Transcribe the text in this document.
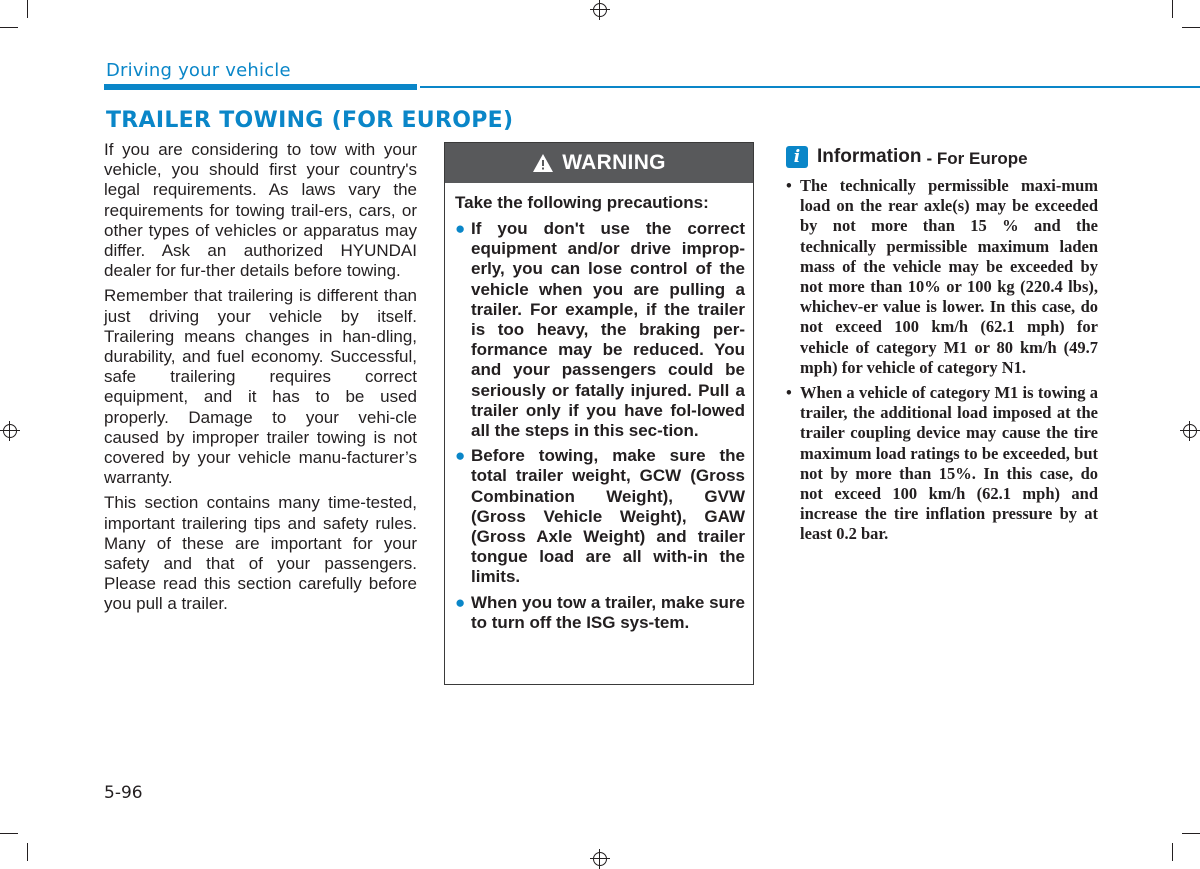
Driving your vehicle
TRAILER TOWING (FOR EUROPE)

If you are considering to tow with your vehicle, you should first your country's legal requirements. As laws vary the requirements for towing trail-ers, cars, or other types of vehicles or apparatus may differ. Ask an authorized HYUNDAI dealer for fur-ther details before towing.

Remember that trailering is different than just driving your vehicle by itself. Trailering means changes in han-dling, durability, and fuel economy. Successful, safe trailering requires correct equipment, and it has to be used properly. Damage to your vehi-cle caused by improper trailer towing is not covered by your vehicle manu-facturer’s warranty.

This section contains many time-tested, important trailering tips and safety rules. Many of these are important for your safety and that of your passengers. Please read this section carefully before you pull a trailer.

WARNING

Take the following precautions:

● If you don't use the correct equipment and/or drive improp-erly, you can lose control of the vehicle when you are pulling a trailer. For example, if the trailer is too heavy, the braking per-formance may be reduced. You and your passengers could be seriously or fatally injured. Pull a trailer only if you have fol-lowed all the steps in this sec-tion.
● Before towing, make sure the total trailer weight, GCW (Gross Combination Weight), GVW (Gross Vehicle Weight), GAW (Gross Axle Weight) and trailer tongue load are all with-in the limits.
● When you tow a trailer, make sure to turn off the ISG sys-tem.
i Information - For Europe
• The technically permissible maxi-mum load on the rear axle(s) may be exceeded by not more than 15 % and the technically permissible maximum laden mass of the vehicle may be exceeded by not more than 10% or 100 kg (220.4 lbs), whichev-er value is lower. In this case, do not exceed 100 km/h (62.1 mph) for vehicle of category M1 or 80 km/h (49.7 mph) for vehicle of category N1.
• When a vehicle of category M1 is towing a trailer, the additional load imposed at the trailer coupling device may cause the tire maximum load ratings to be exceeded, but not by more than 15%. In this case, do not exceed 100 km/h (62.1 mph) and increase the tire inflation pressure by at least 0.2 bar.
5-96
